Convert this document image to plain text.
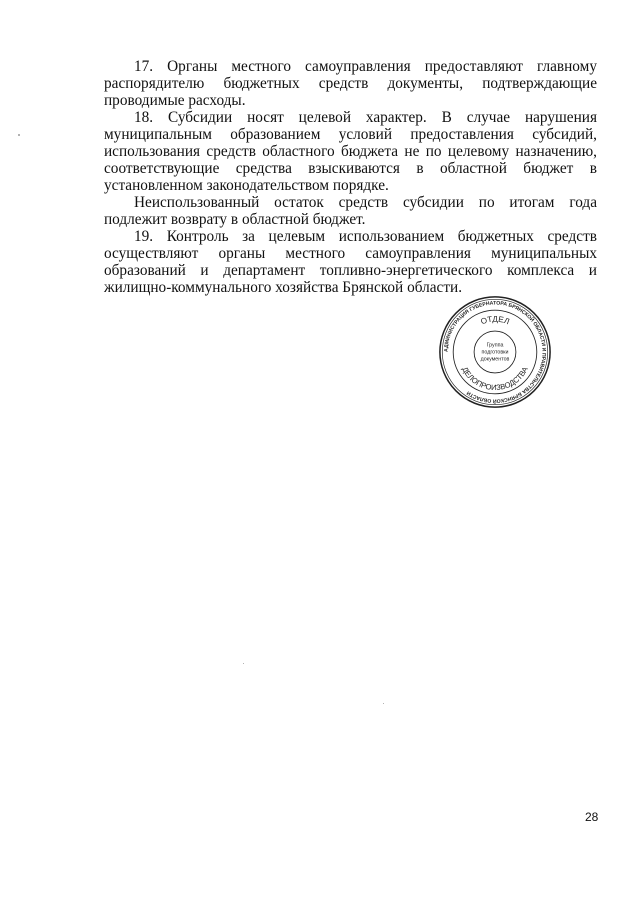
17. Органы местного самоуправления предоставляют главному распорядителю бюджетных средств документы, подтверждающие проводимые расходы.

18. Субсидии носят целевой характер. В случае нарушения муниципальным образованием условий предоставления субсидий, использования средств областного бюджета не по целевому назначению, соответствующие средства взыскиваются в областной бюджет в установленном законодательством порядке.

Неиспользованный остаток средств субсидии по итогам года подлежит возврату в областной бюджет.

19. Контроль за целевым использованием бюджетных средств осуществляют органы местного самоуправления муниципальных образований и департамент топливно-энергетического комплекса и жилищно-коммунального хозяйства Брянской области.

АДМИНИСТРАЦИЯ ГУБЕРНАТОРА БРЯНСКОЙ ОБЛАСТИ И ПРАВИТЕЛЬСТВА БРЯНСКОЙ ОБЛАСТИ
ОТДЕЛ
ДЕЛОПРОИЗВОДСТВА
Группа
подготовки
документов
28
